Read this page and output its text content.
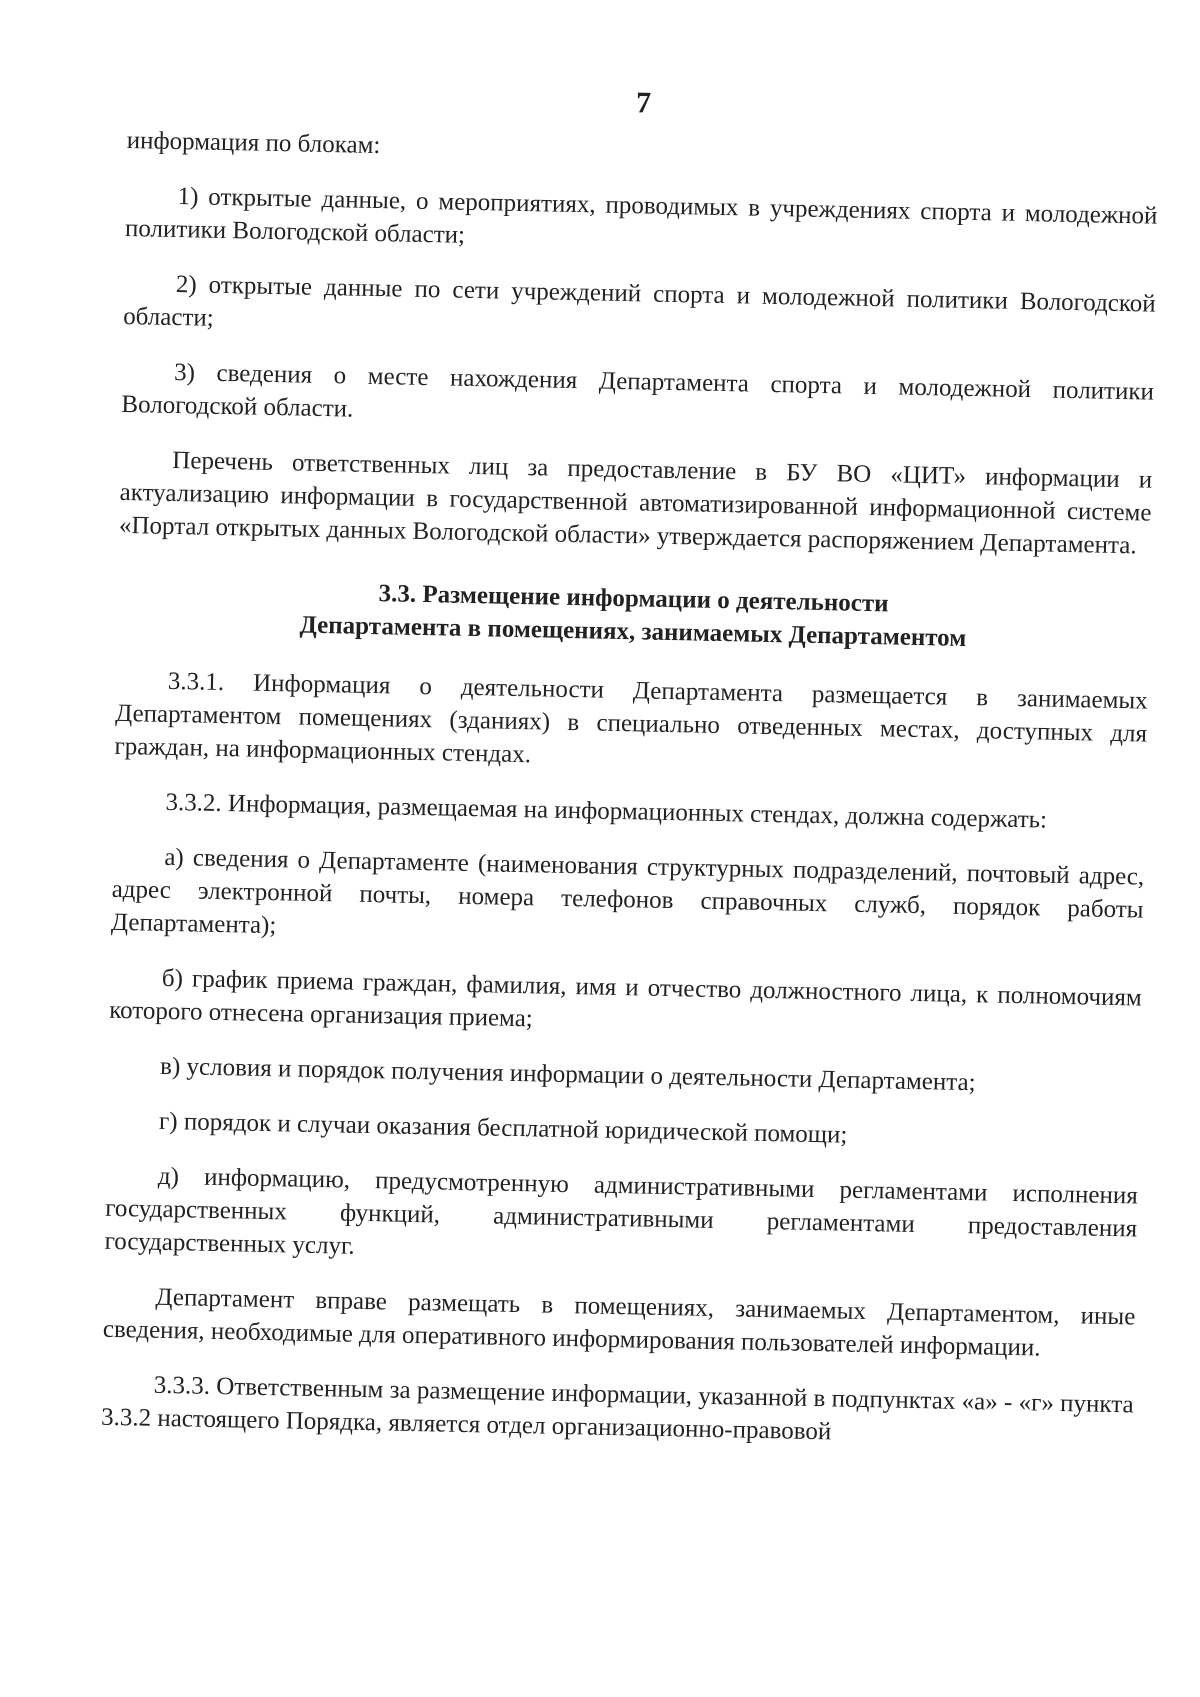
7

информация по блокам:

1) открытые данные, о мероприятиях, проводимых в учреждениях спорта и молодежной политики Вологодской области;

2) открытые данные по сети учреждений спорта и молодежной политики Вологодской области;

3) сведения о месте нахождения Департамента спорта и молодежной политики Вологодской области.

Перечень ответственных лиц за предоставление в БУ ВО «ЦИТ» информации и актуализацию информации в государственной автоматизированной информационной системе «Портал открытых данных Вологодской области» утверждается распоряжением Департамента.

3.3. Размещение информации о деятельности
Департамента в помещениях, занимаемых Департаментом

3.3.1. Информация о деятельности Департамента размещается в занимаемых Департаментом помещениях (зданиях) в специально отведенных местах, доступных для граждан, на информационных стендах.

3.3.2. Информация, размещаемая на информационных стендах, должна содержать:

а) сведения о Департаменте (наименования структурных подразделений, почтовый адрес, адрес электронной почты, номера телефонов справочных служб, порядок работы Департамента);

б) график приема граждан, фамилия, имя и отчество должностного лица, к полномочиям которого отнесена организация приема;

в) условия и порядок получения информации о деятельности Департамента;

г) порядок и случаи оказания бесплатной юридической помощи;

д) информацию, предусмотренную административными регламентами исполнения государственных функций, административными регламентами предоставления государственных услуг.

Департамент вправе размещать в помещениях, занимаемых Департаментом, иные сведения, необходимые для оперативного информирования пользователей информации.

3.3.3. Ответственным за размещение информации, указанной в подпунктах «а» - «г» пункта 3.3.2 настоящего Порядка, является отдел организационно-правовой
